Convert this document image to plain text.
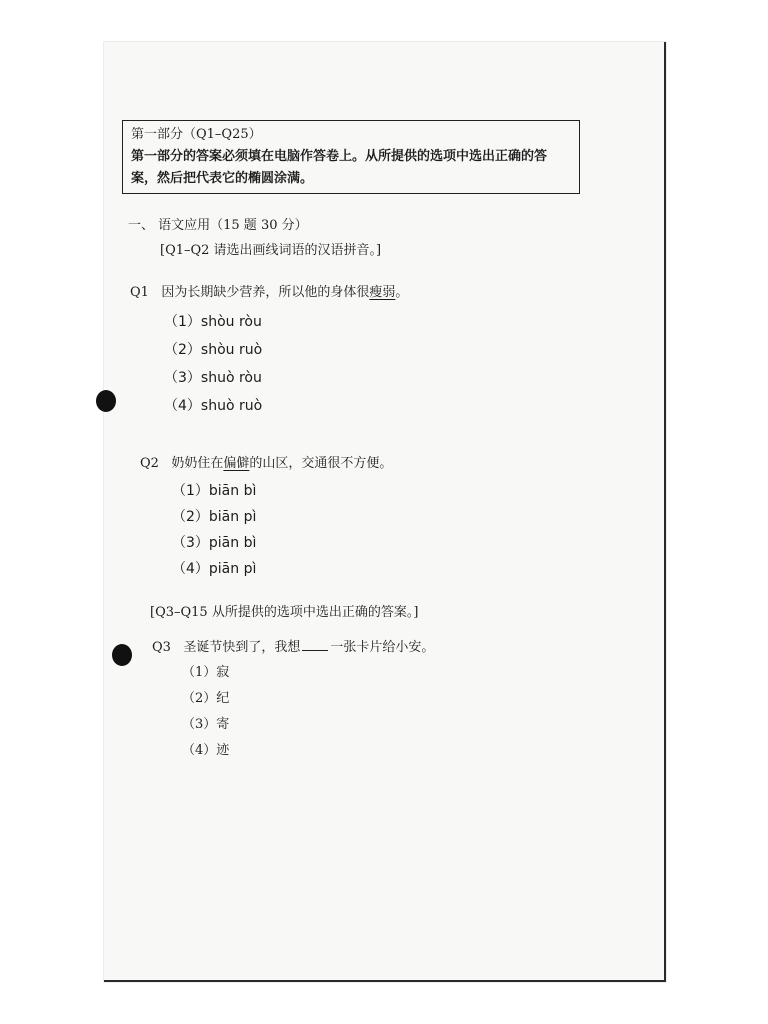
第一部分（Q1–Q25）
第一部分的答案必须填在电脑作答卷上。从所提供的选项中选出正确的答
案，然后把代表它的椭圆涂满。
一、 语文应用（15 题 30 分）
[Q1–Q2 请选出画线词语的汉语拼音。]
Q1 因为长期缺少营养，所以他的身体很瘦弱。
（1）shòu ròu
（2）shòu ruò
（3）shuò ròu
（4）shuò ruò
Q2 奶奶住在偏僻的山区，交通很不方便。
（1）biān bì
（2）biān pì
（3）piān bì
（4）piān pì
[Q3–Q15 从所提供的选项中选出正确的答案。]
Q3 圣诞节快到了，我想 一张卡片给小安。
（1）寂
（2）纪
（3）寄
（4）迹
